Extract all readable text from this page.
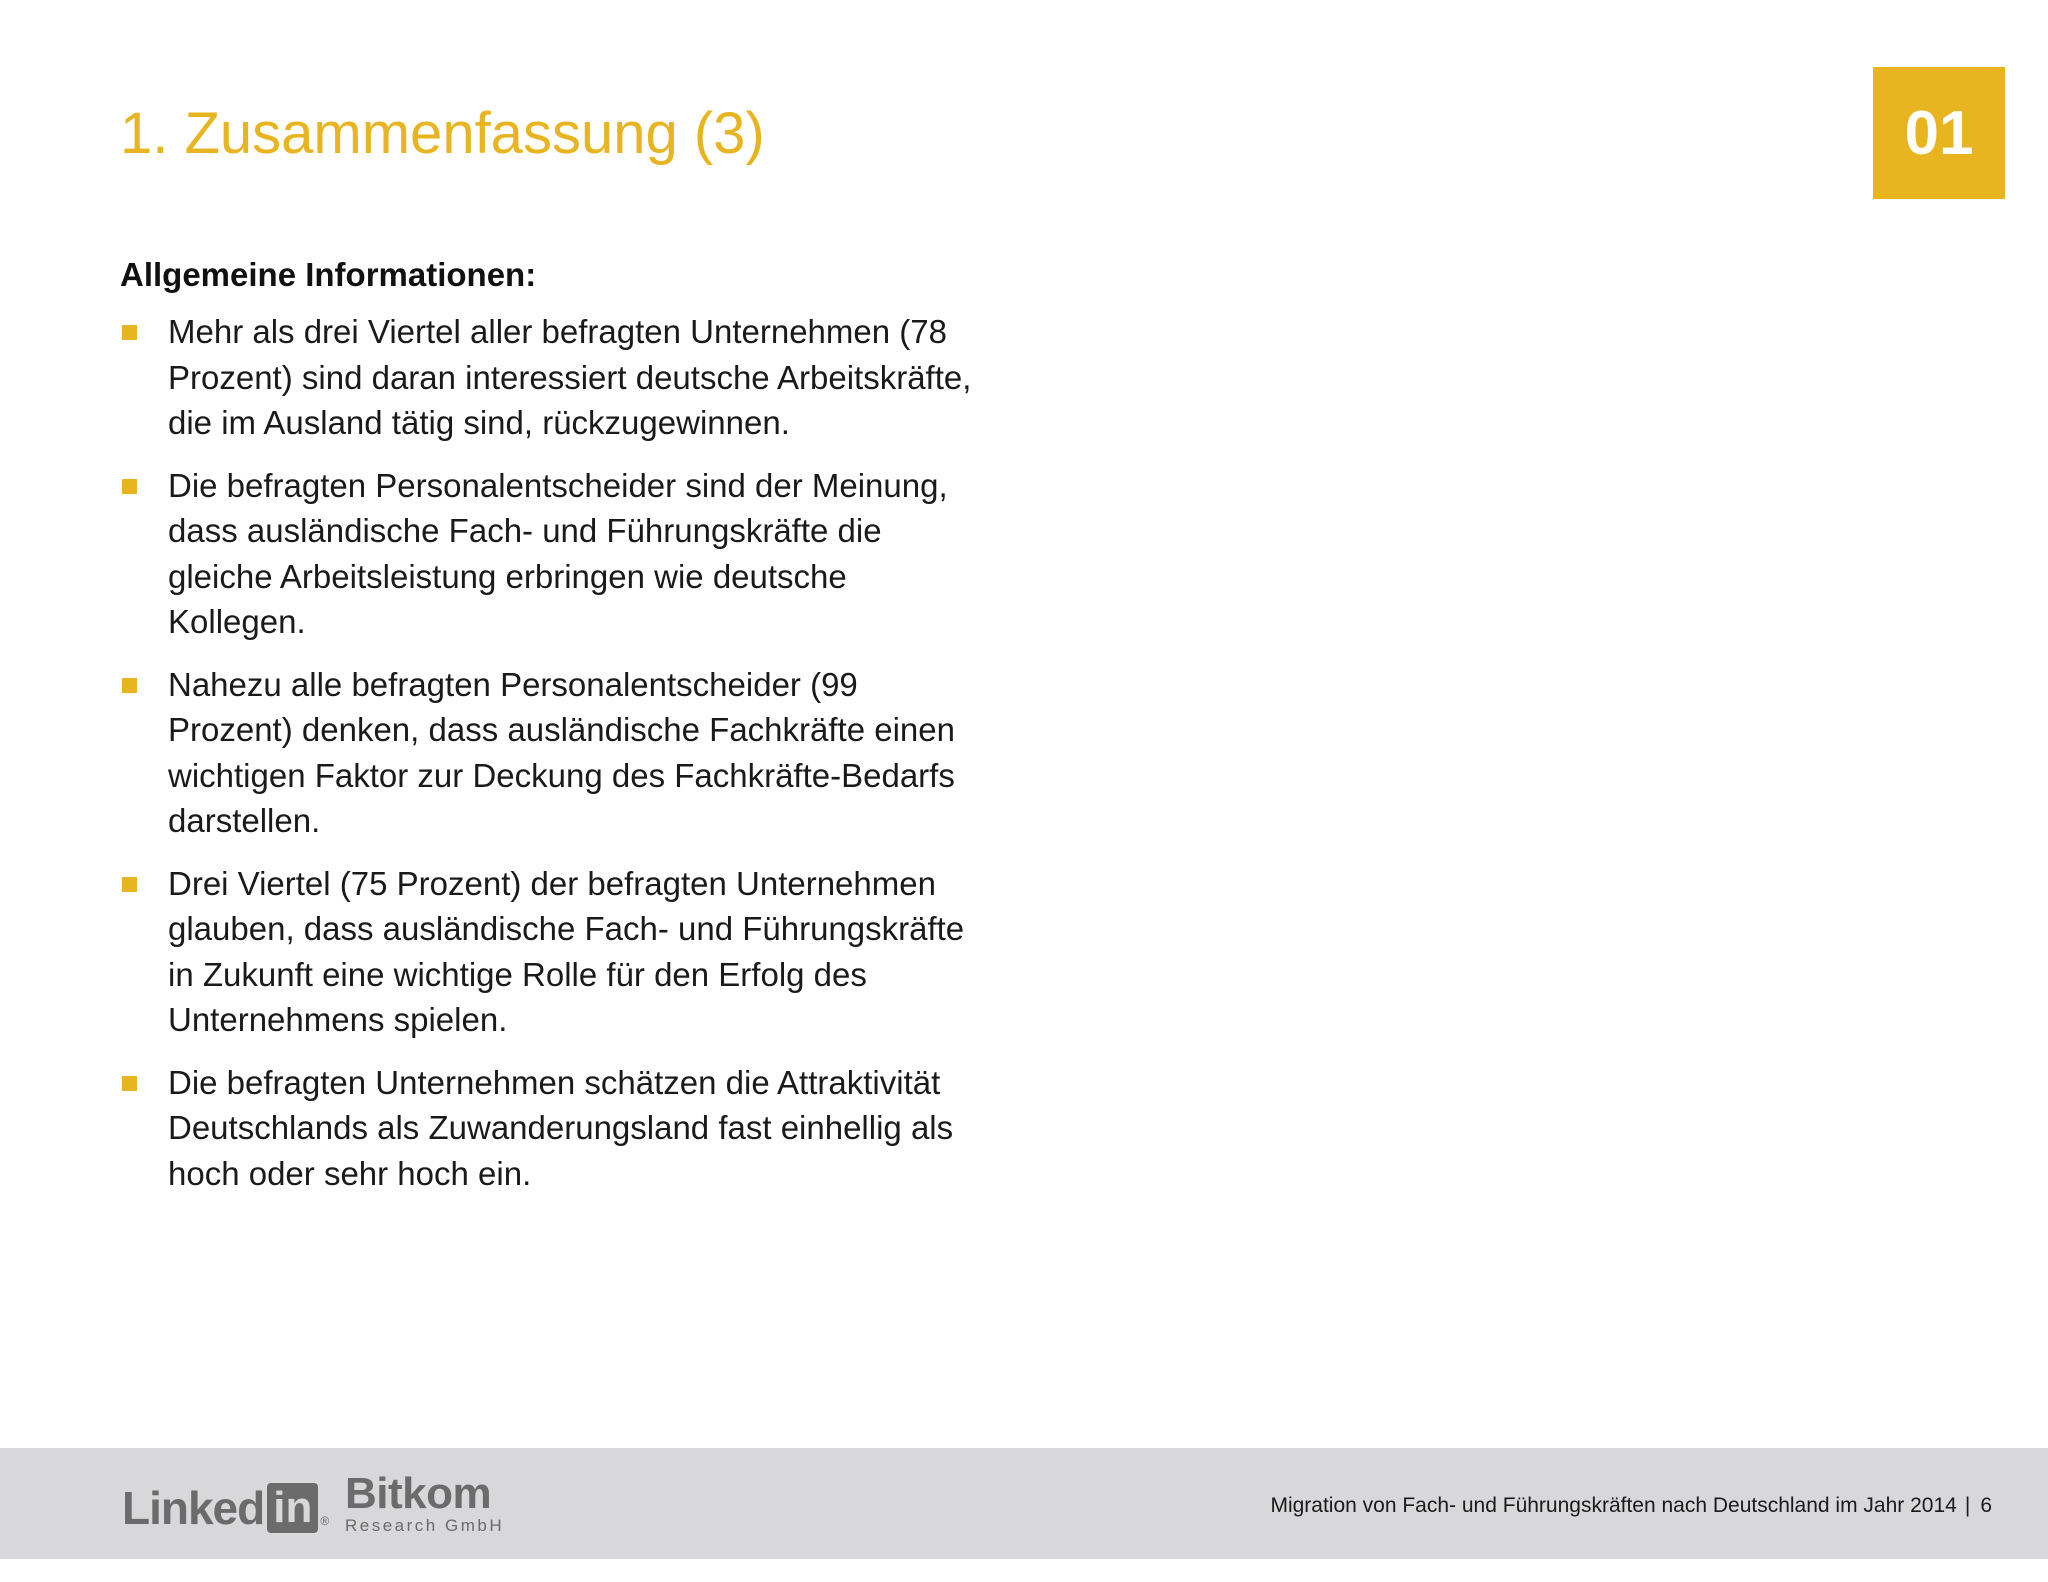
1. Zusammenfassung (3)	01
Allgemeine Informationen:
Mehr als drei Viertel aller befragten Unternehmen (78 Prozent) sind daran interessiert deutsche Arbeitskräfte, die im Ausland tätig sind, rückzugewinnen.
Die befragten Personalentscheider sind der Meinung, dass ausländische Fach- und Führungskräfte die gleiche Arbeitsleistung erbringen wie deutsche Kollegen.
Nahezu alle befragten Personalentscheider (99 Prozent) denken, dass ausländische Fachkräfte einen wichtigen Faktor zur Deckung des Fachkräfte-Bedarfs darstellen.
Drei Viertel (75 Prozent) der befragten Unternehmen glauben, dass ausländische Fach- und Führungskräfte in Zukunft eine wichtige Rolle für den Erfolg des Unternehmens spielen.
Die befragten Unternehmen schätzen die Attraktivität Deutschlands als Zuwanderungsland fast einhellig als hoch oder sehr hoch ein.
Linked in ®
Bitkom
Research GmbH
Migration von Fach- und Führungskräften nach Deutschland im Jahr 2014 | 6
